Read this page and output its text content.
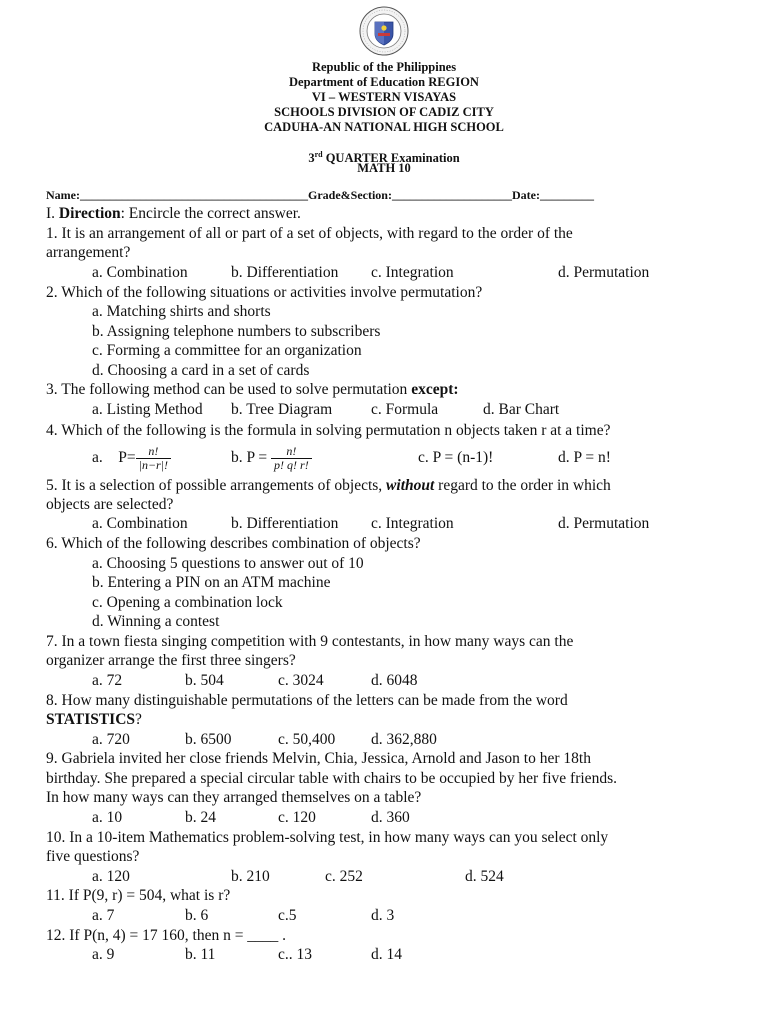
Republic of the Philippines
Department of Education REGION
VI – WESTERN VISAYAS
SCHOOLS DIVISION OF CADIZ CITY
CADUHA-AN NATIONAL HIGH SCHOOL
3rd QUARTER Examination
MATH 10
Name:______________________________________Grade&Section:____________________Date:_________
I. Direction: Encircle the correct answer.
1. It is an arrangement of all or part of a set of objects, with regard to the order of the
arrangement?
a. Combination	b. Differentiation c. Integration	d. Permutation
2. Which of the following situations or activities involve permutation?
a. Matching shirts and shorts
b. Assigning telephone numbers to subscribers
c. Forming a committee for an organization
d. Choosing a card in a set of cards
3. The following method can be used to solve permutation except:
a. Listing Method b. Tree Diagram	c. Formula	d. Bar Chart
4. Which of the following is the formula in solving permutation n objects taken r at a time?
a. $P= \frac{n!}{|n-r|!}$	b. $P = \frac{n!}{p! q! r!}$	c. P = (n-1)!	d. P = n!
5. It is a selection of possible arrangements of objects, without regard to the order in which
objects are selected?
a. Combination	b. Differentiation c. Integration	d. Permutation
6. Which of the following describes combination of objects?
a. Choosing 5 questions to answer out of 10
b. Entering a PIN on an ATM machine
c. Opening a combination lock
d. Winning a contest
7. In a town fiesta singing competition with 9 contestants, in how many ways can the
organizer arrange the first three singers?
a. 72	b. 504	c. 3024	d. 6048
8. How many distinguishable permutations of the letters can be made from the word
STATISTICS?
a. 720	b. 6500	c. 50,400 d. 362,880
9. Gabriela invited her close friends Melvin, Chia, Jessica, Arnold and Jason to her 18th
birthday. She prepared a special circular table with chairs to be occupied by her five friends.
In how many ways can they arranged themselves on a table?
a. 10	b. 24	c. 120	d. 360
10. In a 10-item Mathematics problem-solving test, in how many ways can you select only
five questions?
a. 120	b. 210	c. 252	d. 524
11. If P(9, r) = 504, what is r?
a. 7	b. 6	c.5	d. 3
12. If P(n, 4) = 17 160, then n = ____ .
a. 9	b. 11	c.. 13	d. 14
